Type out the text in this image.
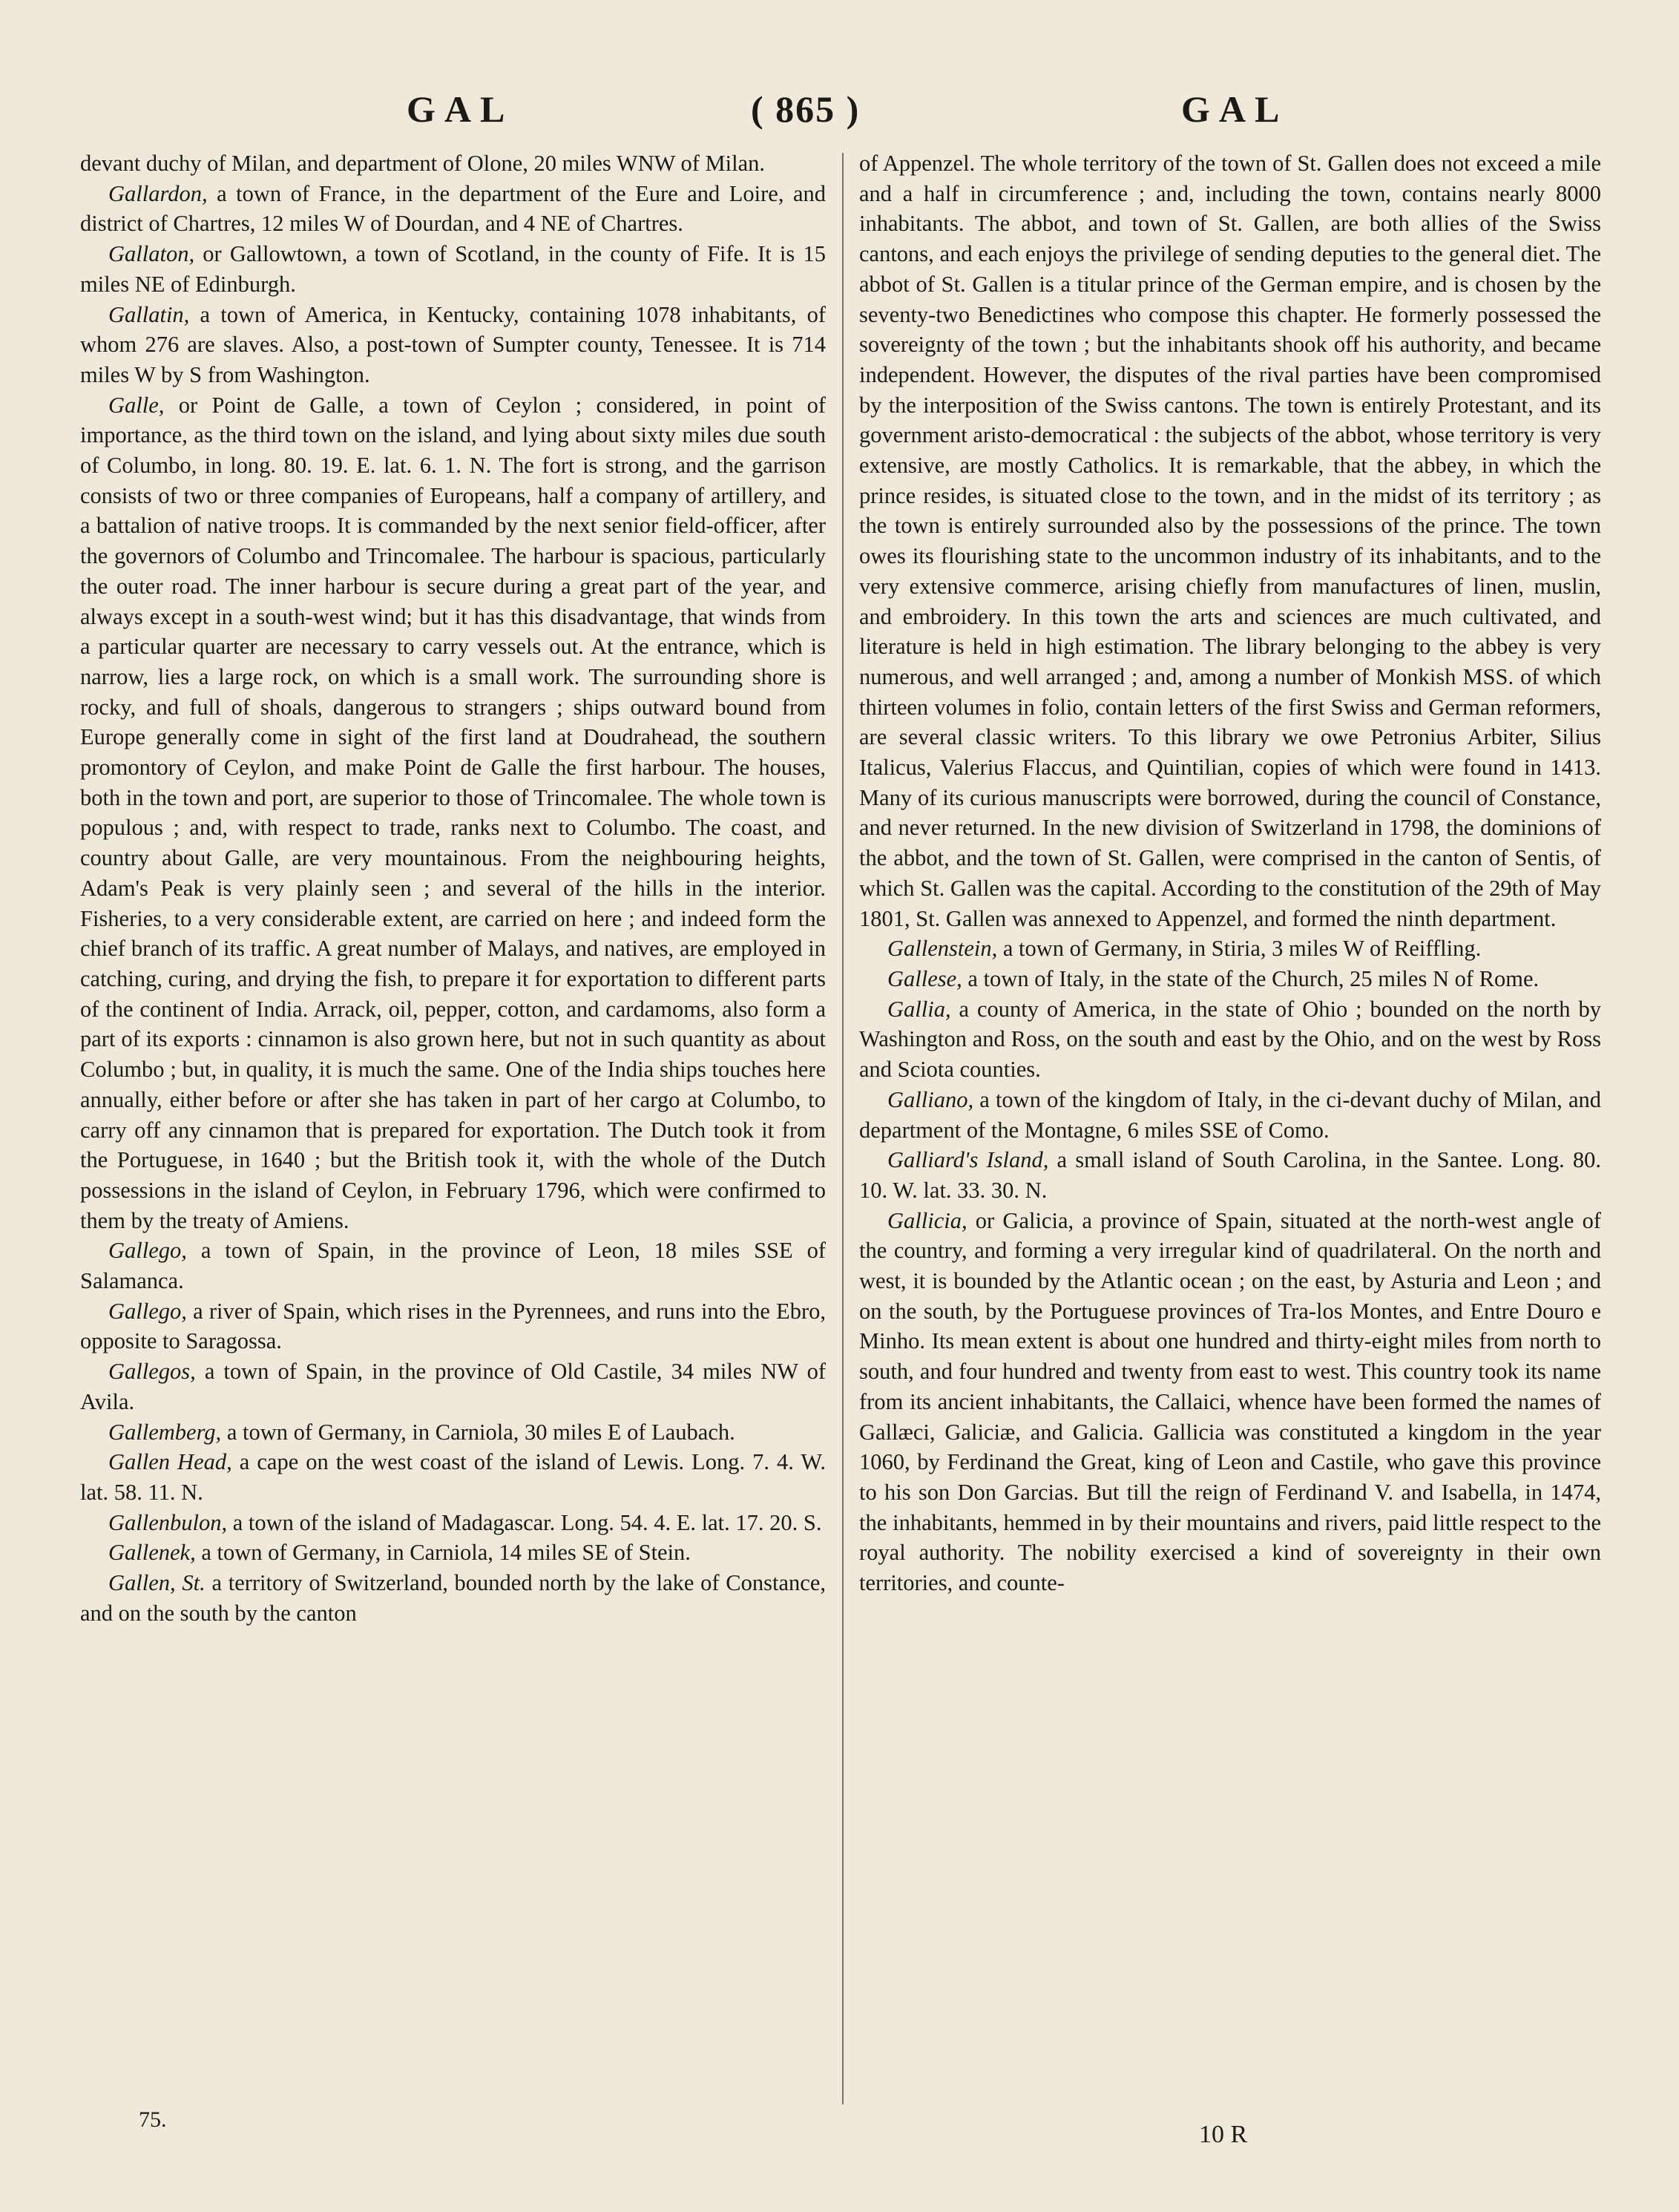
GAL	( 865 )	GAL

devant duchy of Milan, and department of Olone, 20 miles WNW of Milan.

Gallardon, a town of France, in the department of the Eure and Loire, and district of Chartres, 12 miles W of Dourdan, and 4 NE of Chartres.

Gallaton, or Gallowtown, a town of Scotland, in the county of Fife. It is 15 miles NE of Edinburgh.

Gallatin, a town of America, in Kentucky, containing 1078 inhabitants, of whom 276 are slaves. Also, a post-town of Sumpter county, Tenessee. It is 714 miles W by S from Washington.

Galle, or Point de Galle, a town of Ceylon ; considered, in point of importance, as the third town on the island, and lying about sixty miles due south of Columbo, in long. 80. 19. E. lat. 6. 1. N. The fort is strong, and the garrison consists of two or three companies of Europeans, half a company of artillery, and a battalion of native troops. It is commanded by the next senior field-officer, after the governors of Columbo and Trincomalee. The harbour is spacious, particularly the outer road. The inner harbour is secure during a great part of the year, and always except in a south-west wind; but it has this disadvantage, that winds from a particular quarter are necessary to carry vessels out. At the entrance, which is narrow, lies a large rock, on which is a small work. The surrounding shore is rocky, and full of shoals, dangerous to strangers ; ships outward bound from Europe generally come in sight of the first land at Doudrahead, the southern promontory of Ceylon, and make Point de Galle the first harbour. The houses, both in the town and port, are superior to those of Trincomalee. The whole town is populous ; and, with respect to trade, ranks next to Columbo. The coast, and country about Galle, are very mountainous. From the neighbouring heights, Adam's Peak is very plainly seen ; and several of the hills in the interior. Fisheries, to a very considerable extent, are carried on here ; and indeed form the chief branch of its traffic. A great number of Malays, and natives, are employed in catching, curing, and drying the fish, to prepare it for exportation to different parts of the continent of India. Arrack, oil, pepper, cotton, and cardamoms, also form a part of its exports : cinnamon is also grown here, but not in such quantity as about Columbo ; but, in quality, it is much the same. One of the India ships touches here annually, either before or after she has taken in part of her cargo at Columbo, to carry off any cinnamon that is prepared for exportation. The Dutch took it from the Portuguese, in 1640 ; but the British took it, with the whole of the Dutch possessions in the island of Ceylon, in February 1796, which were confirmed to them by the treaty of Amiens.

Gallego, a town of Spain, in the province of Leon, 18 miles SSE of Salamanca.

Gallego, a river of Spain, which rises in the Pyrennees, and runs into the Ebro, opposite to Saragossa.

Gallegos, a town of Spain, in the province of Old Castile, 34 miles NW of Avila.

Gallemberg, a town of Germany, in Carniola, 30 miles E of Laubach.

Gallen Head, a cape on the west coast of the island of Lewis. Long. 7. 4. W. lat. 58. 11. N.

Gallenbulon, a town of the island of Madagascar. Long. 54. 4. E. lat. 17. 20. S.

Gallenek, a town of Germany, in Carniola, 14 miles SE of Stein.

Gallen, St. a territory of Switzerland, bounded north by the lake of Constance, and on the south by the canton

of Appenzel. The whole territory of the town of St. Gallen does not exceed a mile and a half in circumference ; and, including the town, contains nearly 8000 inhabitants. The abbot, and town of St. Gallen, are both allies of the Swiss cantons, and each enjoys the privilege of sending deputies to the general diet. The abbot of St. Gallen is a titular prince of the German empire, and is chosen by the seventy-two Benedictines who compose this chapter. He formerly possessed the sovereignty of the town ; but the inhabitants shook off his authority, and became independent. However, the disputes of the rival parties have been compromised by the interposition of the Swiss cantons. The town is entirely Protestant, and its government aristo-democratical : the subjects of the abbot, whose territory is very extensive, are mostly Catholics. It is remarkable, that the abbey, in which the prince resides, is situated close to the town, and in the midst of its territory ; as the town is entirely surrounded also by the possessions of the prince. The town owes its flourishing state to the uncommon industry of its inhabitants, and to the very extensive commerce, arising chiefly from manufactures of linen, muslin, and embroidery. In this town the arts and sciences are much cultivated, and literature is held in high estimation. The library belonging to the abbey is very numerous, and well arranged ; and, among a number of Monkish MSS. of which thirteen volumes in folio, contain letters of the first Swiss and German reformers, are several classic writers. To this library we owe Petronius Arbiter, Silius Italicus, Valerius Flaccus, and Quintilian, copies of which were found in 1413. Many of its curious manuscripts were borrowed, during the council of Constance, and never returned. In the new division of Switzerland in 1798, the dominions of the abbot, and the town of St. Gallen, were comprised in the canton of Sentis, of which St. Gallen was the capital. According to the constitution of the 29th of May 1801, St. Gallen was annexed to Appenzel, and formed the ninth department.

Gallenstein, a town of Germany, in Stiria, 3 miles W of Reiffling.

Gallese, a town of Italy, in the state of the Church, 25 miles N of Rome.

Gallia, a county of America, in the state of Ohio ; bounded on the north by Washington and Ross, on the south and east by the Ohio, and on the west by Ross and Sciota counties.

Galliano, a town of the kingdom of Italy, in the ci-devant duchy of Milan, and department of the Montagne, 6 miles SSE of Como.

Galliard's Island, a small island of South Carolina, in the Santee. Long. 80. 10. W. lat. 33. 30. N.

Gallicia, or Galicia, a province of Spain, situated at the north-west angle of the country, and forming a very irregular kind of quadrilateral. On the north and west, it is bounded by the Atlantic ocean ; on the east, by Asturia and Leon ; and on the south, by the Portuguese provinces of Tra-los Montes, and Entre Douro e Minho. Its mean extent is about one hundred and thirty-eight miles from north to south, and four hundred and twenty from east to west. This country took its name from its ancient inhabitants, the Callaici, whence have been formed the names of Gallæci, Galiciæ, and Galicia. Gallicia was constituted a kingdom in the year 1060, by Ferdinand the Great, king of Leon and Castile, who gave this province to his son Don Garcias. But till the reign of Ferdinand V. and Isabella, in 1474, the inhabitants, hemmed in by their mountains and rivers, paid little respect to the royal authority. The nobility exercised a kind of sovereignty in their own territories, and counte-

75.
10 R
